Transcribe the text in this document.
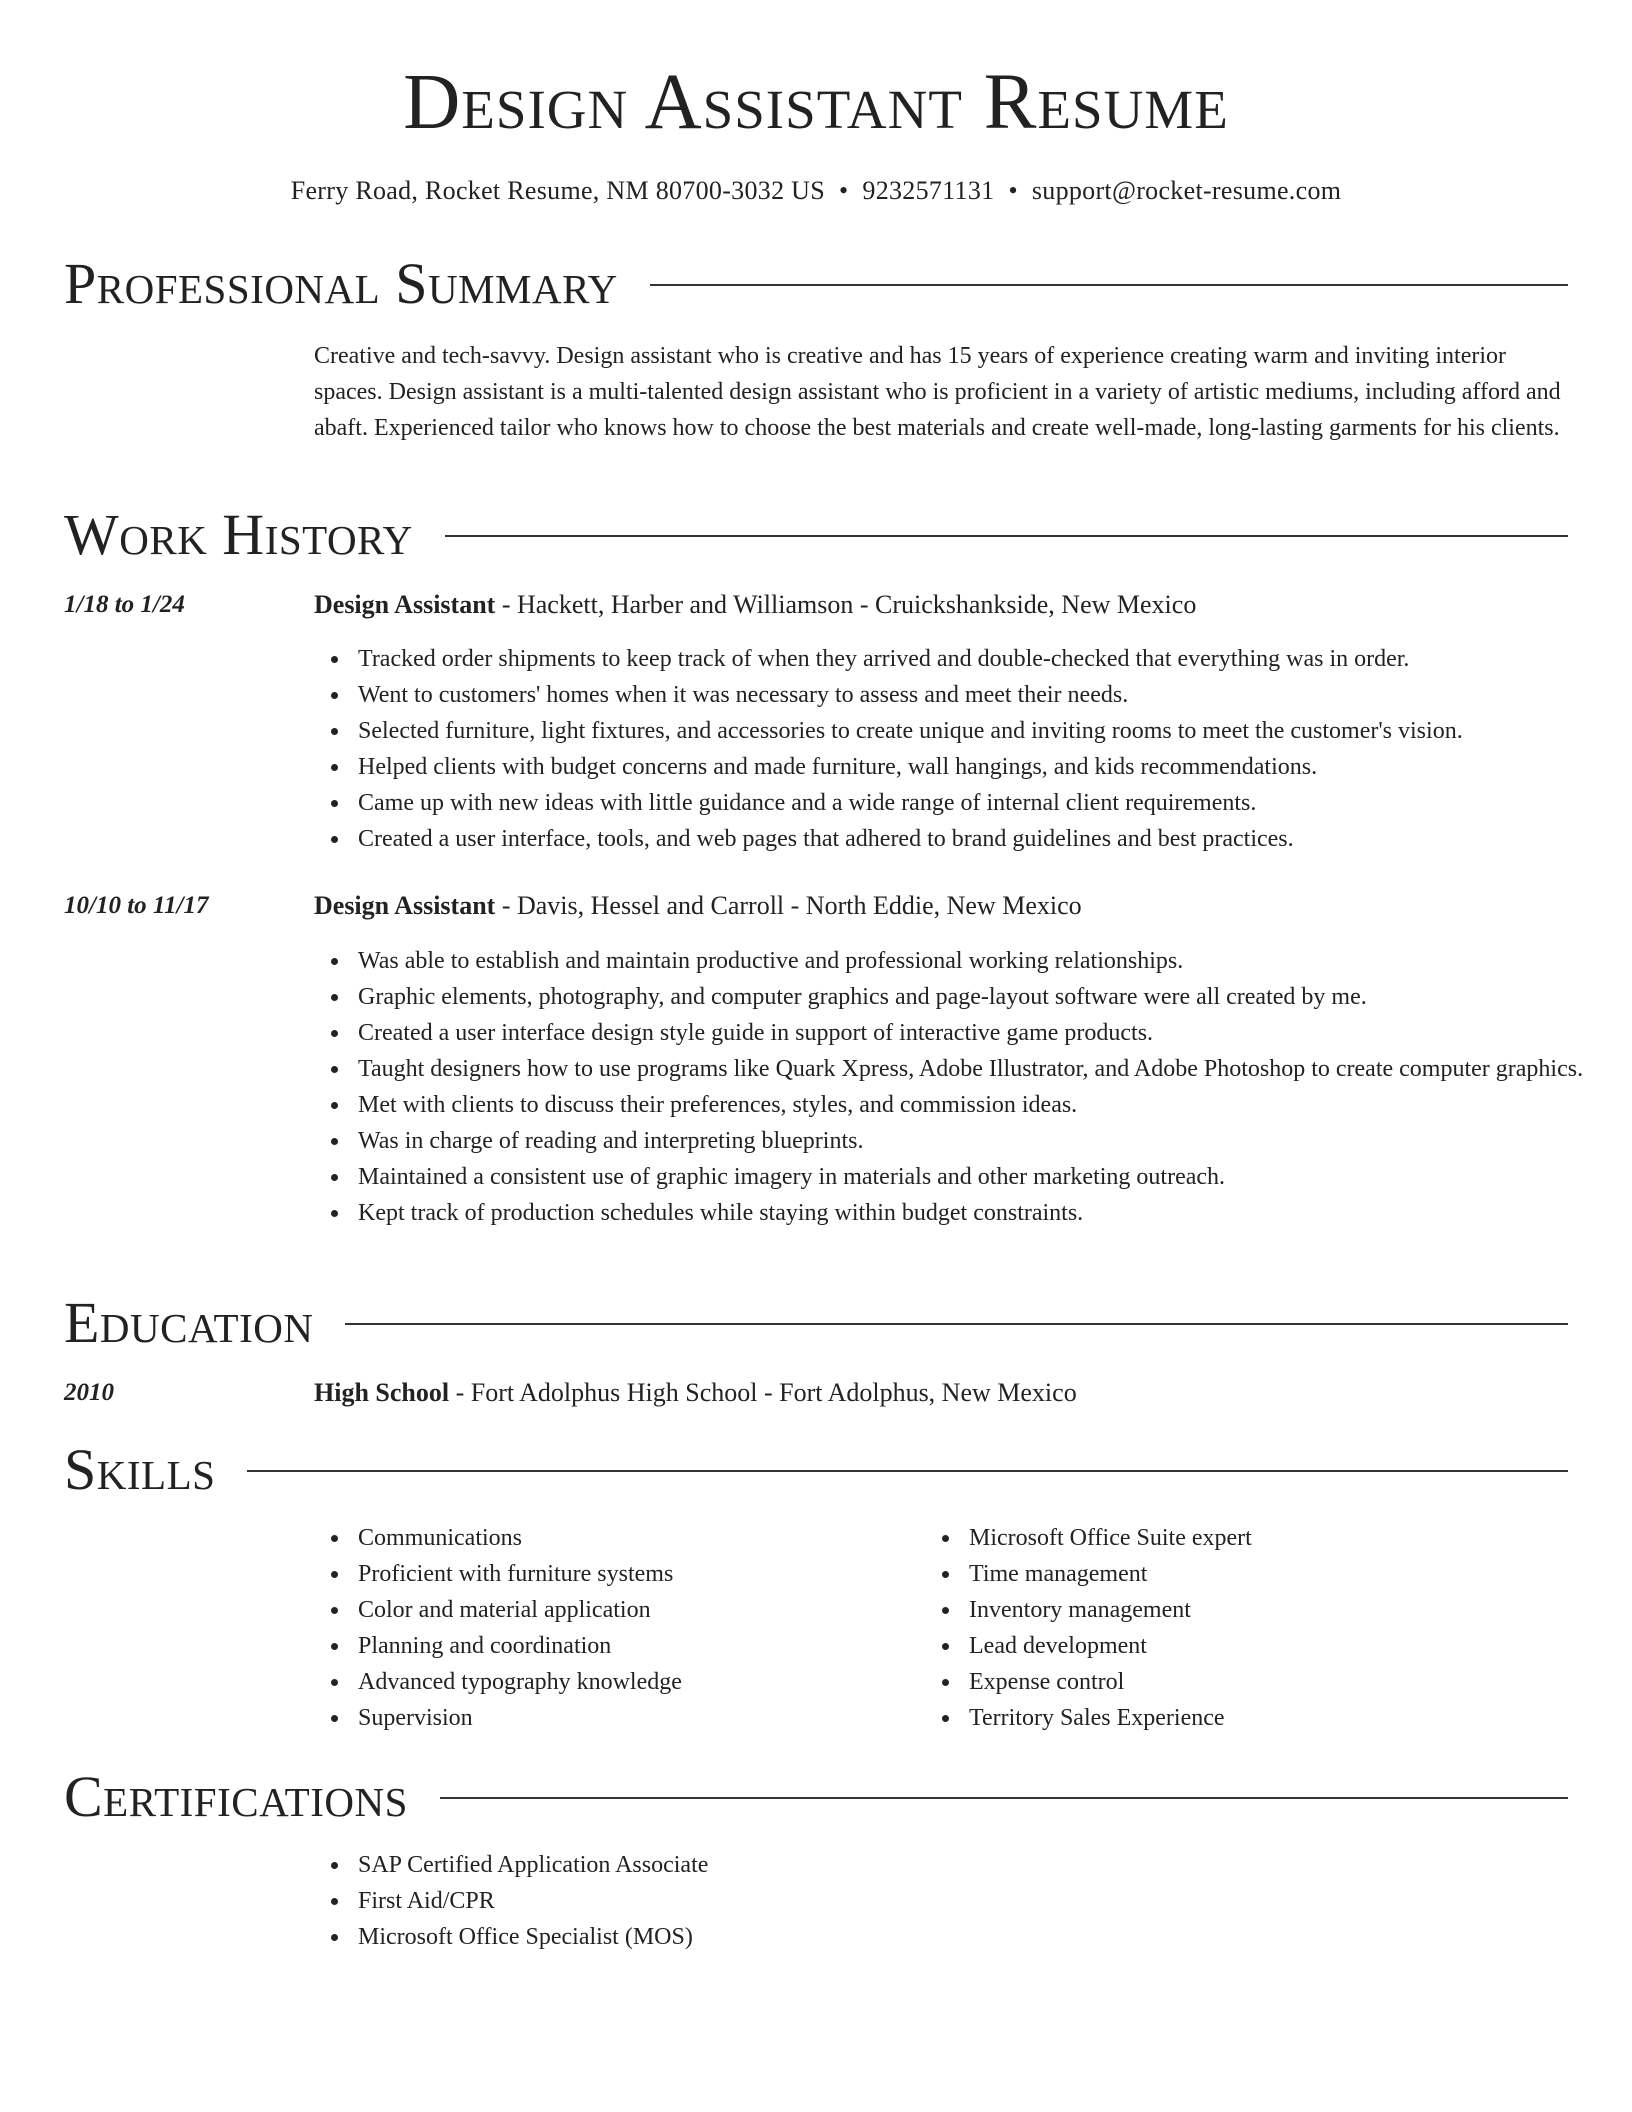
Design Assistant Resume
Ferry Road, Rocket Resume, NM 80700-3032 US • 9232571131 • support@rocket-resume.com
Professional Summary

Creative and tech-savvy. Design assistant who is creative and has 15 years of experience creating warm and inviting interior spaces. Design assistant is a multi-talented design assistant who is proficient in a variety of artistic mediums, including afford and abaft. Experienced tailor who knows how to choose the best materials and create well-made, long-lasting garments for his clients.

Work History
1/18 to 1/24	Design Assistant - Hackett, Harber and Williamson - Cruickshankside, New Mexico
Tracked order shipments to keep track of when they arrived and double-checked that everything was in order.
Went to customers' homes when it was necessary to assess and meet their needs.
Selected furniture, light fixtures, and accessories to create unique and inviting rooms to meet the customer's vision.
Helped clients with budget concerns and made furniture, wall hangings, and kids recommendations.
Came up with new ideas with little guidance and a wide range of internal client requirements.
Created a user interface, tools, and web pages that adhered to brand guidelines and best practices.
10/10 to 11/17	Design Assistant - Davis, Hessel and Carroll - North Eddie, New Mexico
Was able to establish and maintain productive and professional working relationships.
Graphic elements, photography, and computer graphics and page-layout software were all created by me.
Created a user interface design style guide in support of interactive game products.
Taught designers how to use programs like Quark Xpress, Adobe Illustrator, and Adobe Photoshop to create computer graphics.
Met with clients to discuss their preferences, styles, and commission ideas.
Was in charge of reading and interpreting blueprints.
Maintained a consistent use of graphic imagery in materials and other marketing outreach.
Kept track of production schedules while staying within budget constraints.
Education
2010	High School - Fort Adolphus High School - Fort Adolphus, New Mexico
Skills
Communications
Proficient with furniture systems
Color and material application
Planning and coordination
Advanced typography knowledge
Supervision
Microsoft Office Suite expert
Time management
Inventory management
Lead development
Expense control
Territory Sales Experience
Certifications
SAP Certified Application Associate
First Aid/CPR
Microsoft Office Specialist (MOS)
